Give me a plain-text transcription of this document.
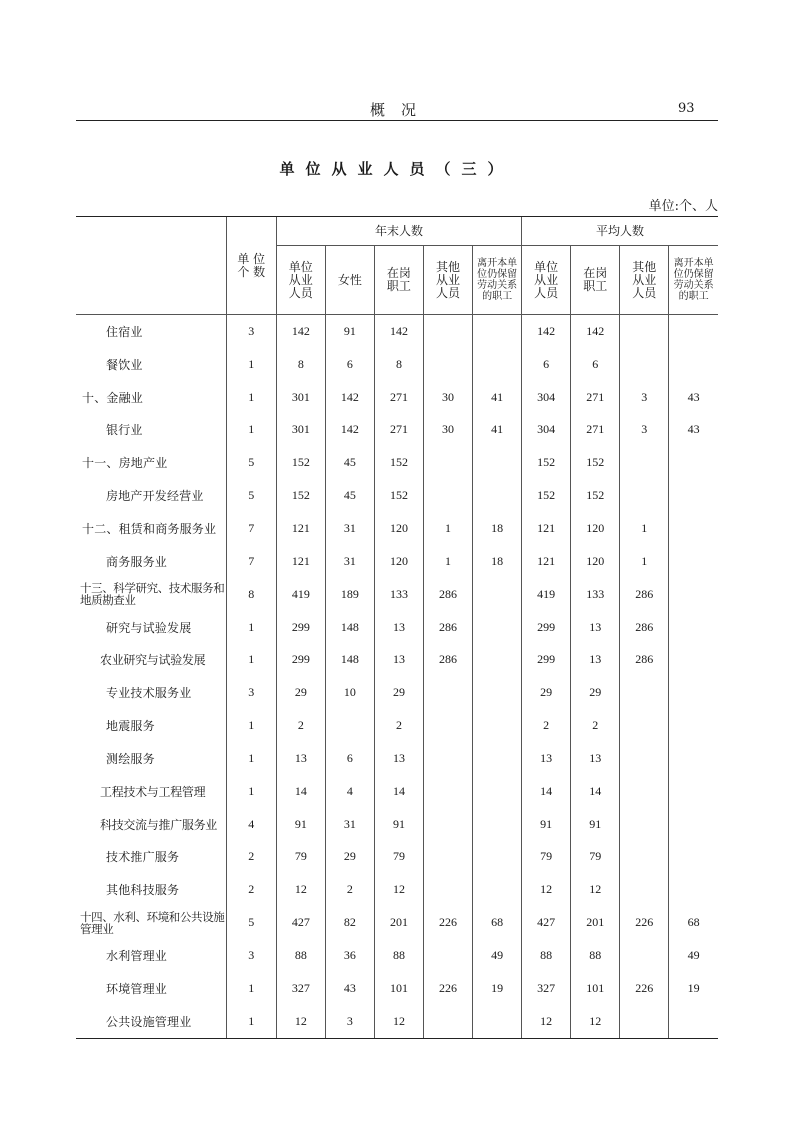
概况	93
单位从业人员（三）
单位:个、人
	单 位 个 数	年末人数					平均人数			
		单位从业人员	女性	在岗职工	其他从业人员	离开本单位仍保留劳动关系的职工	单位从业人员	在岗职工	其他从业人员	离开本单位仍保留劳动关系的职工
住宿业	3	142	91	142			142	142		
餐饮业	1	8	6	8			6	6		
十、金融业	1	301	142	271	30	41	304	271	3	43
银行业	1	301	142	271	30	41	304	271	3	43
十一、房地产业	5	152	45	152			152	152		
房地产开发经营业	5	152	45	152			152	152		
十二、租赁和商务服务业	7	121	31	120	1	18	121	120	1	
商务服务业	7	121	31	120	1	18	121	120	1	
十三、科学研究、技术服务和地质勘查业	8	419	189	133	286		419	133	286	
研究与试验发展	1	299	148	13	286		299	13	286	
农业研究与试验发展	1	299	148	13	286		299	13	286	
专业技术服务业	3	29	10	29			29	29		
地震服务	1	2		2			2	2		
测绘服务	1	13	6	13			13	13		
工程技术与工程管理	1	14	4	14			14	14		
科技交流与推广服务业	4	91	31	91			91	91		
技术推广服务	2	79	29	79			79	79		
其他科技服务	2	12	2	12			12	12		
十四、水利、环境和公共设施管理业	5	427	82	201	226	68	427	201	226	68
水利管理业	3	88	36	88		49	88	88		49
环境管理业	1	327	43	101	226	19	327	101	226	19
公共设施管理业	1	12	3	12			12	12		
